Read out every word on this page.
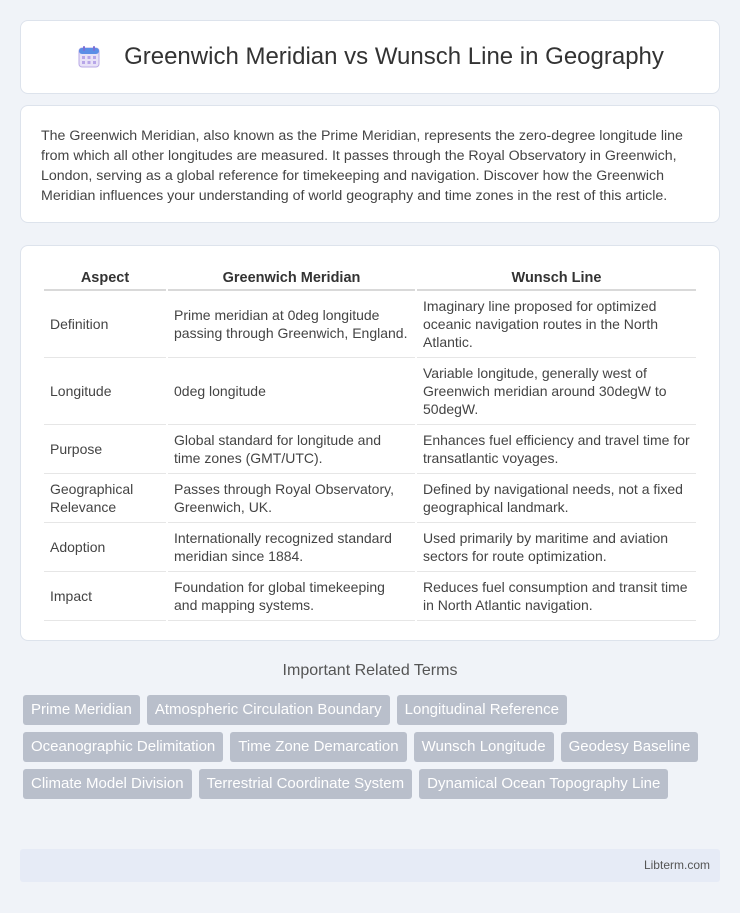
Greenwich Meridian vs Wunsch Line in Geography

The Greenwich Meridian, also known as the Prime Meridian, represents the zero-degree longitude line from which all other longitudes are measured. It passes through the Royal Observatory in Greenwich, London, serving as a global reference for timekeeping and navigation. Discover how the Greenwich Meridian influences your understanding of world geography and time zones in the rest of this article.

Aspect	Greenwich Meridian	Wunsch Line
Definition	Prime meridian at 0deg longitude passing through Greenwich, England.	Imaginary line proposed for optimized oceanic navigation routes in the North Atlantic.
Longitude	0deg longitude	Variable longitude, generally west of Greenwich meridian around 30degW to 50degW.
Purpose	Global standard for longitude and time zones (GMT/UTC).	Enhances fuel efficiency and travel time for transatlantic voyages.
Geographical Relevance	Passes through Royal Observatory, Greenwich, UK.	Defined by navigational needs, not a fixed geographical landmark.
Adoption	Internationally recognized standard meridian since 1884.	Used primarily by maritime and aviation sectors for route optimization.
Impact	Foundation for global timekeeping and mapping systems.	Reduces fuel consumption and transit time in North Atlantic navigation.
Important Related Terms
Prime Meridian	Atmospheric Circulation Boundary	Longitudinal Reference
Oceanographic Delimitation	Time Zone Demarcation	Wunsch Longitude	Geodesy Baseline
Climate Model Division	Terrestrial Coordinate System	Dynamical Ocean Topography Line
Libterm.com
